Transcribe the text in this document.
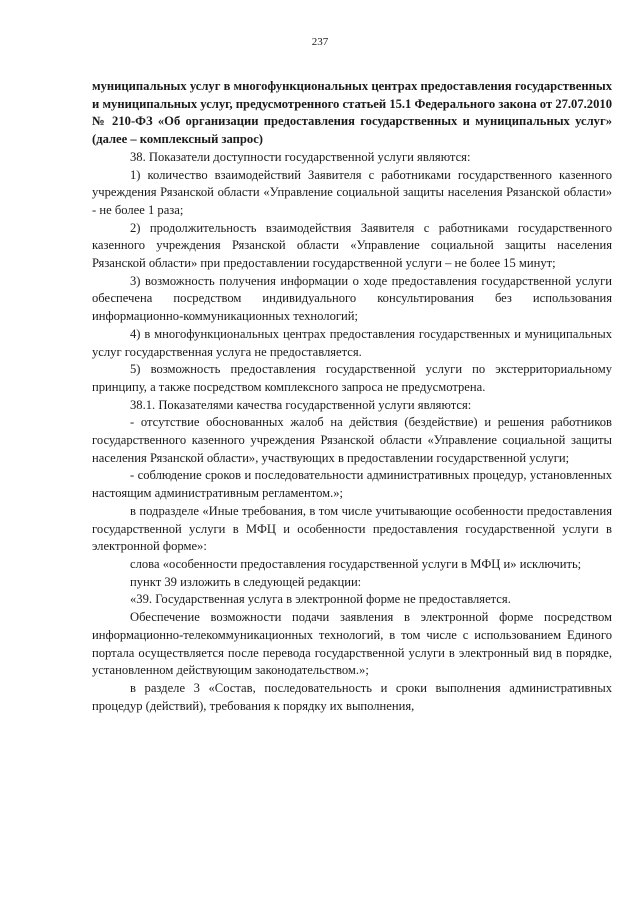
237

муниципальных услуг в многофункциональных центрах предоставления государственных и муниципальных услуг, предусмотренного статьей 15.1 Федерального закона от 27.07.2010 № 210-ФЗ «Об организации предоставления государственных и муниципальных услуг» (далее – комплексный запрос)

38. Показатели доступности государственной услуги являются:

1) количество взаимодействий Заявителя с работниками государственного казенного учреждения Рязанской области «Управление социальной защиты населения Рязанской области» - не более 1 раза;

2) продолжительность взаимодействия Заявителя с работниками государственного казенного учреждения Рязанской области «Управление социальной защиты населения Рязанской области» при предоставлении государственной услуги – не более 15 минут;

3) возможность получения информации о ходе предоставления государственной услуги обеспечена посредством индивидуального консультирования без использования информационно-коммуникационных технологий;

4) в многофункциональных центрах предоставления государственных и муниципальных услуг государственная услуга не предоставляется.

5) возможность предоставления государственной услуги по экстерриториальному принципу, а также посредством комплексного запроса не предусмотрена.

38.1. Показателями качества государственной услуги являются:

- отсутствие обоснованных жалоб на действия (бездействие) и решения работников государственного казенного учреждения Рязанской области «Управление социальной защиты населения Рязанской области», участвующих в предоставлении государственной услуги;

- соблюдение сроков и последовательности административных процедур, установленных настоящим административным регламентом.»;

в подразделе «Иные требования, в том числе учитывающие особенности предоставления государственной услуги в МФЦ и особенности предоставления государственной услуги в электронной форме»:

слова «особенности предоставления государственной услуги в МФЦ и» исключить;

пункт 39 изложить в следующей редакции:

«39. Государственная услуга в электронной форме не предоставляется.

Обеспечение возможности подачи заявления в электронной форме посредством информационно-телекоммуникационных технологий, в том числе с использованием Единого портала осуществляется после перевода государственной услуги в электронный вид в порядке, установленном действующим законодательством.»;

в разделе 3 «Состав, последовательность и сроки выполнения административных процедур (действий), требования к порядку их выполнения,
